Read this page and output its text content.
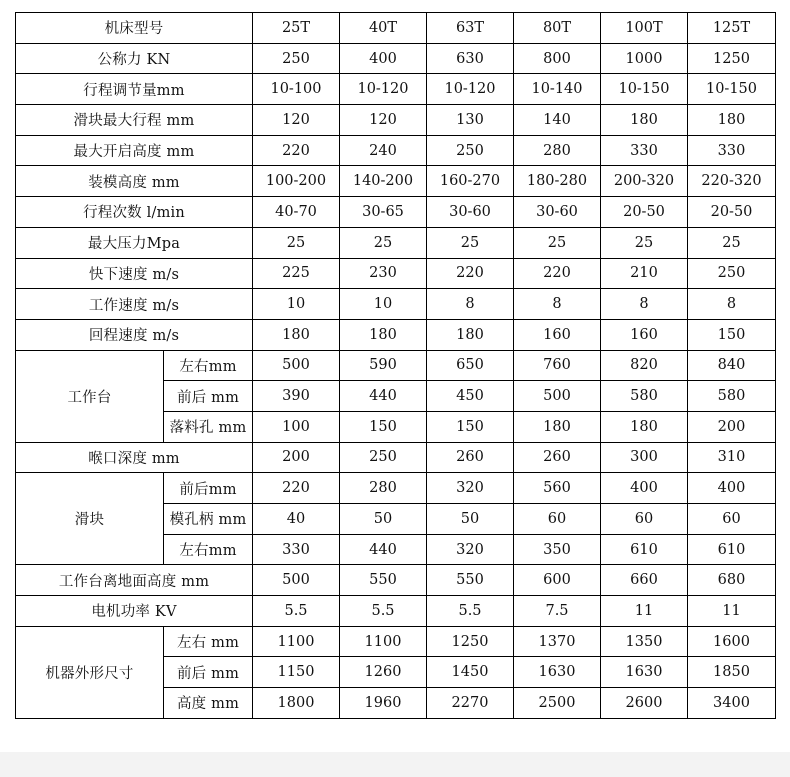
机床型号		25T	40T	63T	80T	100T	125T
公称力 KN		250	400	630	800	1000	1250
行程调节量mm		10-100	10-120	10-120	10-140	10-150	10-150
滑块最大行程 mm		120	120	130	140	180	180
最大开启高度 mm		220	240	250	280	330	330
装模高度 mm		100-200	140-200	160-270	180-280	200-320	220-320
行程次数 l/min		40-70	30-65	30-60	30-60	20-50	20-50
最大压力Mpa		25	25	25	25	25	25
快下速度 m/s		225	230	220	220	210	250
工作速度 m/s		10	10	8	8	8	8
回程速度 m/s		180	180	180	160	160	150
工作台	左右mm	500	590	650	760	820	840
	前后 mm	390	440	450	500	580	580
	落料孔 mm	100	150	150	180	180	200
喉口深度 mm		200	250	260	260	300	310
滑块	前后mm	220	280	320	560	400	400
	模孔柄 mm	40	50	50	60	60	60
	左右mm	330	440	320	350	610	610
工作台离地面高度 mm		500	550	550	600	660	680
电机功率 KV		5.5	5.5	5.5	7.5	11	11
机器外形尺寸	左右 mm	1100	1100	1250	1370	1350	1600
	前后 mm	1150	1260	1450	1630	1630	1850
	高度 mm	1800	1960	2270	2500	2600	3400
